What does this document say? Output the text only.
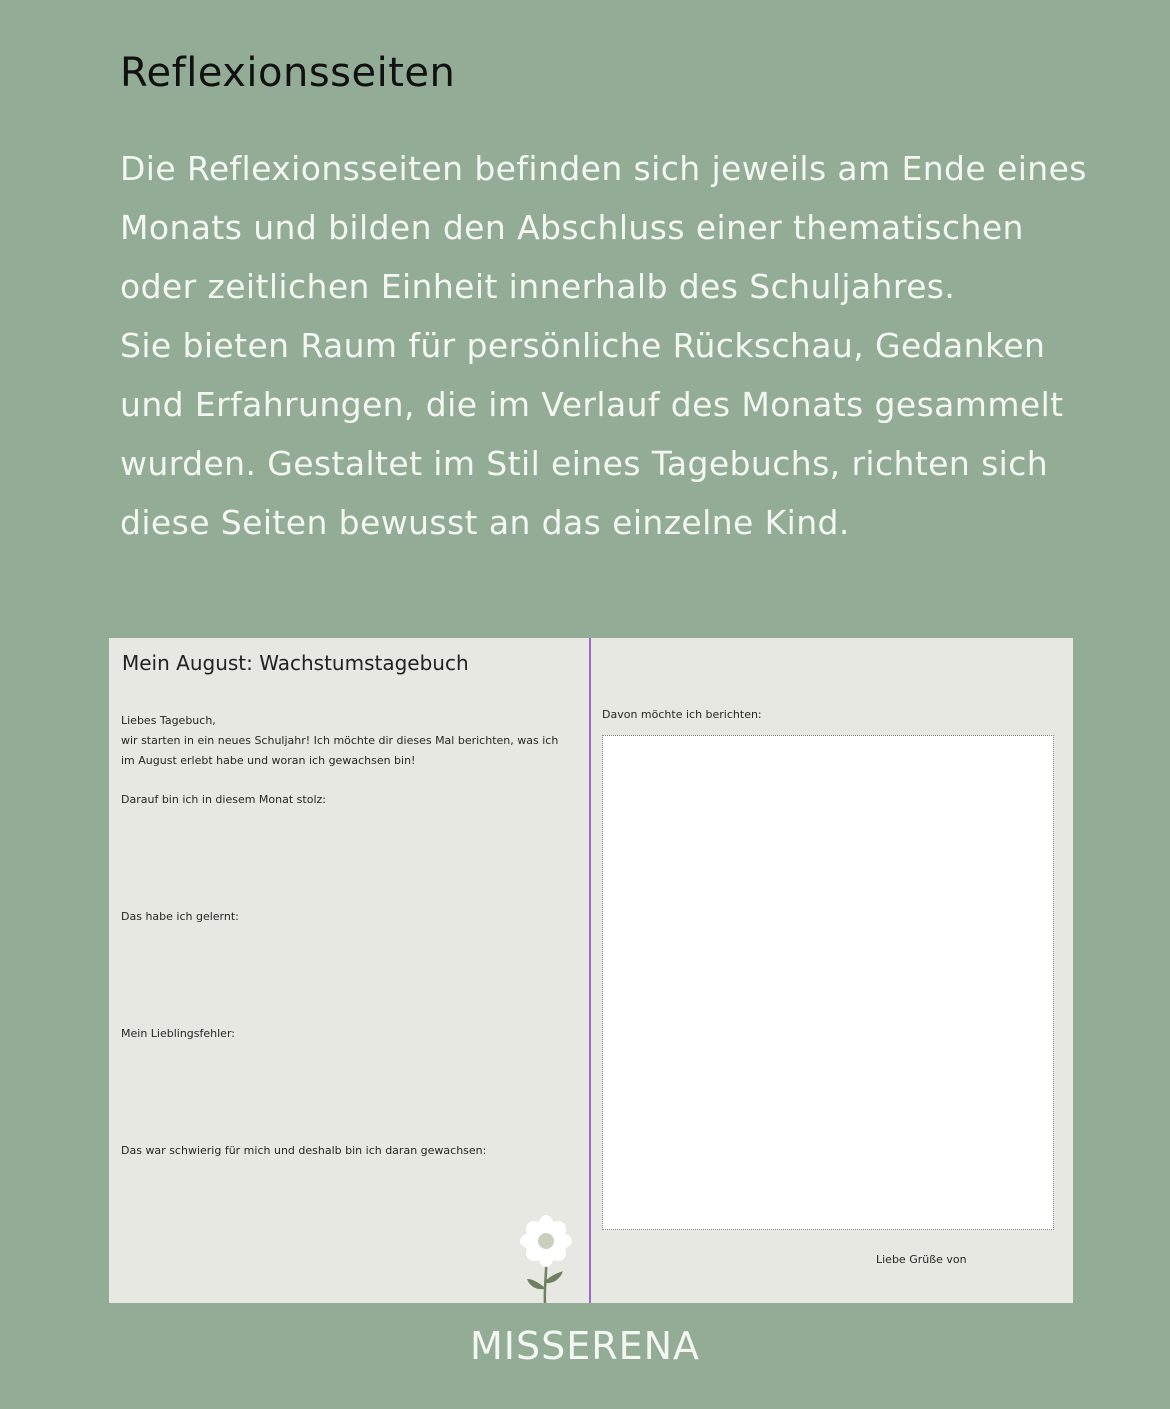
Reflexionsseiten

Die Reflexionsseiten befinden sich jeweils am Ende eines

Monats und bilden den Abschluss einer thematischen

oder zeitlichen Einheit innerhalb des Schuljahres.

Sie bieten Raum für persönliche Rückschau, Gedanken

und Erfahrungen, die im Verlauf des Monats gesammelt

wurden. Gestaltet im Stil eines Tagebuchs, richten sich

diese Seiten bewusst an das einzelne Kind.

Mein August: Wachstumstagebuch
Liebes Tagebuch,
wir starten in ein neues Schuljahr! Ich möchte dir dieses Mal berichten, was ich
im August erlebt habe und woran ich gewachsen bin!
Darauf bin ich in diesem Monat stolz:
Das habe ich gelernt:
Mein Lieblingsfehler:
Das war schwierig für mich und deshalb bin ich daran gewachsen:
Davon möchte ich berichten:
Liebe Grüße von
MISSERENA
